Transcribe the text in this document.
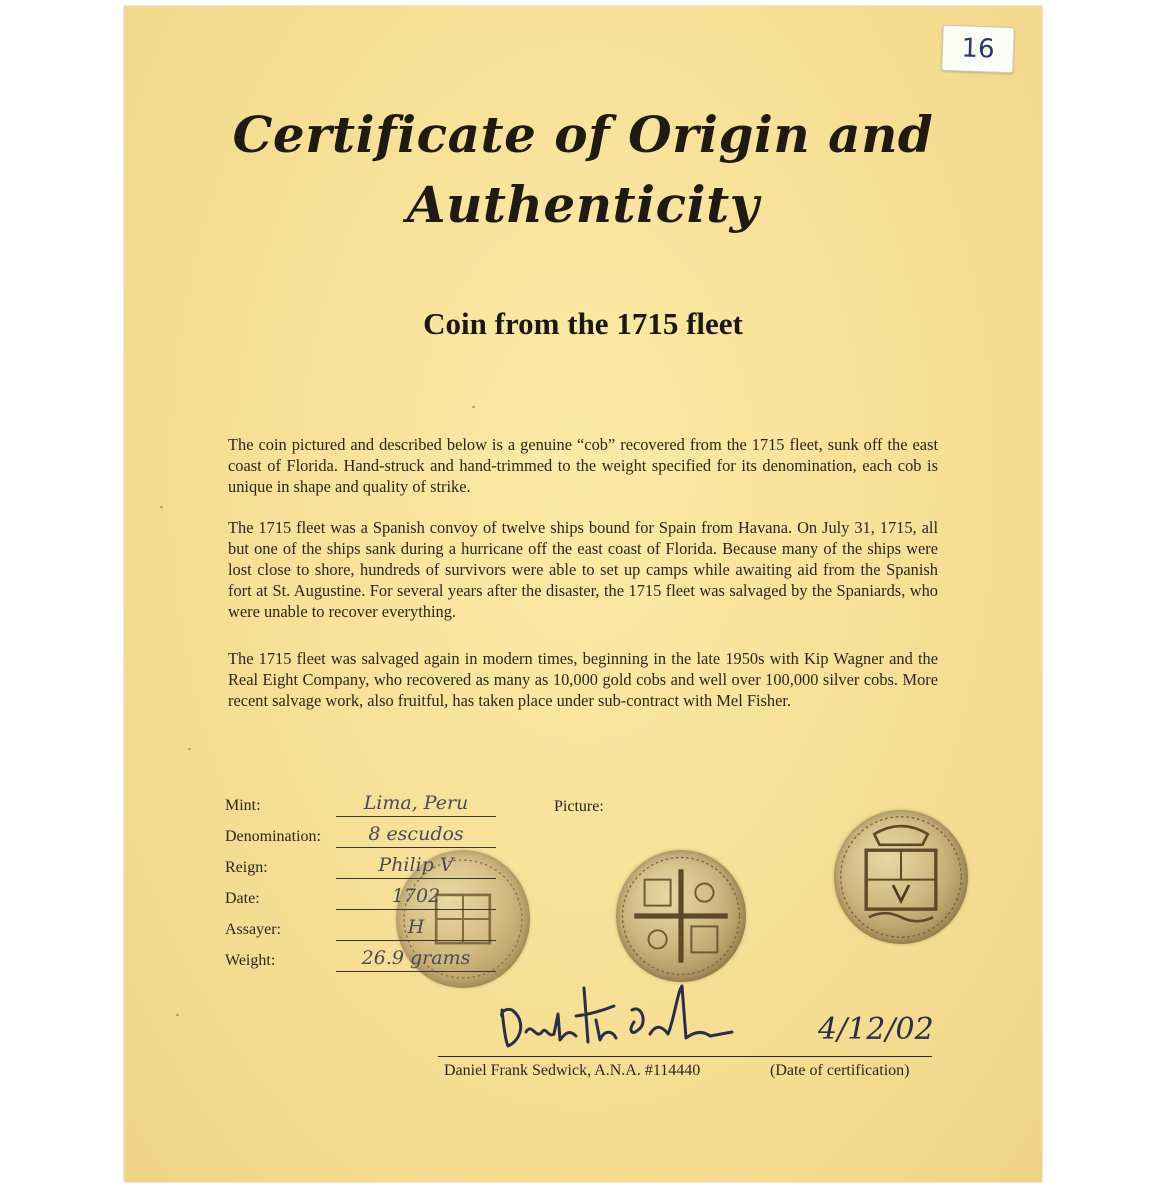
16
Certificate of Origin and
Authenticity
Coin from the 1715 fleet
The coin pictured and described below is a genuine “cob” recovered from the 1715 fleet, sunk off the east coast of Florida. Hand-struck and hand-trimmed to the weight specified for its denomination, each cob is unique in shape and quality of strike.
The 1715 fleet was a Spanish convoy of twelve ships bound for Spain from Havana. On July 31, 1715, all but one of the ships sank during a hurricane off the east coast of Florida. Because many of the ships were lost close to shore, hundreds of survivors were able to set up camps while awaiting aid from the Spanish fort at St. Augustine. For several years after the disaster, the 1715 fleet was salvaged by the Spaniards, who were unable to recover everything.
The 1715 fleet was salvaged again in modern times, beginning in the late 1950s with Kip Wagner and the Real Eight Company, who recovered as many as 10,000 gold cobs and well over 100,000 silver cobs. More recent salvage work, also fruitful, has taken place under sub-contract with Mel Fisher.
Picture:
Mint:	Lima, Peru
Denomination:	8 escudos
Reign:	Philip V
Date:	1702
Assayer:	H
Weight:	26.9 grams
4/12/02
Daniel Frank Sedwick, A.N.A. #114440	(Date of certification)
